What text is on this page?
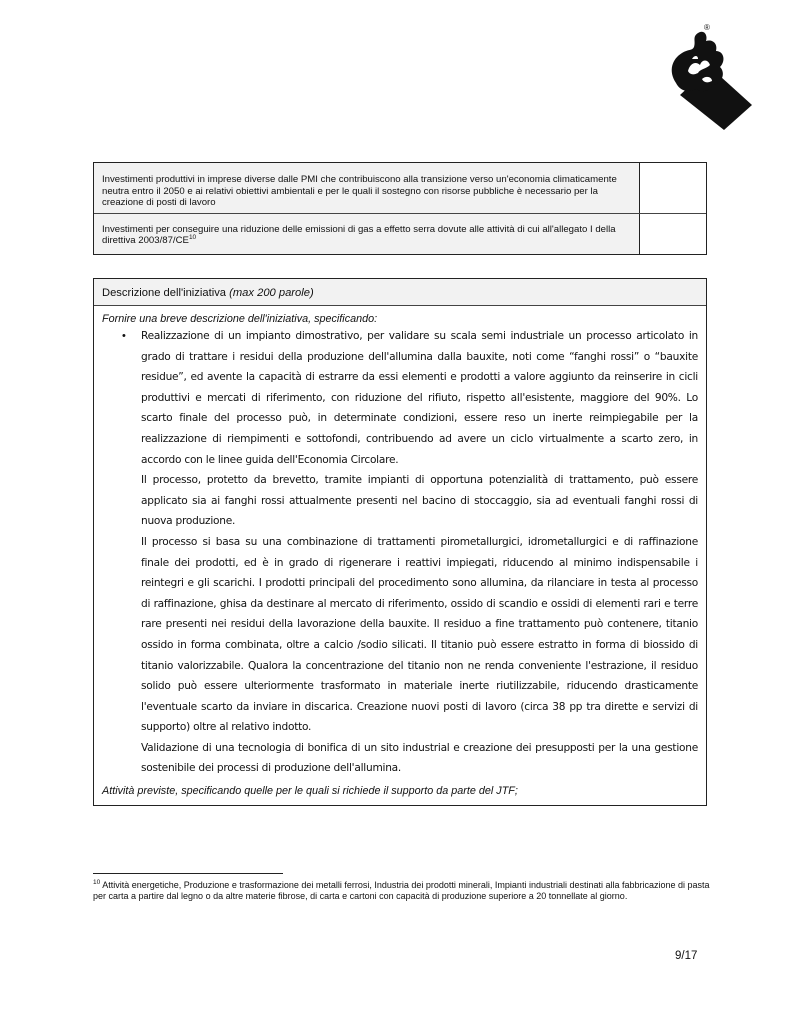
®
Investimenti produttivi in imprese diverse dalle PMI che contribuiscono alla transizione verso un'economia climaticamente neutra entro il 2050 e ai relativi obiettivi ambientali e per le quali il sostegno con risorse pubbliche è necessario per la creazione di posti di lavoro
Investimenti per conseguire una riduzione delle emissioni di gas a effetto serra dovute alle attività di cui all'allegato I della direttiva 2003/87/CE$^{10}$
Descrizione dell'iniziativa (max 200 parole)

Fornire una breve descrizione dell'iniziativa, specificando:

•	Realizzazione di un impianto dimostrativo, per validare su scala semi industriale un processo articolato in grado di trattare i residui della produzione dell'allumina dalla bauxite, noti come “fanghi rossi” o “bauxite residue”, ed avente la capacità di estrarre da essi elementi e prodotti a valore aggiunto da reinserire in cicli produttivi e mercati di riferimento, con riduzione del rifiuto, rispetto all'esistente, maggiore del 90%. Lo scarto finale del processo può, in determinate condizioni, essere reso un inerte reimpiegabile per la realizzazione di riempimenti e sottofondi, contribuendo ad avere un ciclo virtualmente a scarto zero, in accordo con le linee guida dell'Economia Circolare.

Il processo, protetto da brevetto, tramite impianti di opportuna potenzialità di trattamento, può essere applicato sia ai fanghi rossi attualmente presenti nel bacino di stoccaggio, sia ad eventuali fanghi rossi di nuova produzione.

Il processo si basa su una combinazione di trattamenti pirometallurgici, idrometallurgici e di raffinazione finale dei prodotti, ed è in grado di rigenerare i reattivi impiegati, riducendo al minimo indispensabile i reintegri e gli scarichi. I prodotti principali del procedimento sono allumina, da rilanciare in testa al processo di raffinazione, ghisa da destinare al mercato di riferimento, ossido di scandio e ossidi di elementi rari e terre rare presenti nei residui della lavorazione della bauxite. Il residuo a fine trattamento può contenere, titanio ossido in forma combinata, oltre a calcio /sodio silicati. Il titanio può essere estratto in forma di biossido di titanio valorizzabile. Qualora la concentrazione del titanio non ne renda conveniente l'estrazione, il residuo solido può essere ulteriormente trasformato in materiale inerte riutilizzabile, riducendo drasticamente l'eventuale scarto da inviare in discarica. Creazione nuovi posti di lavoro (circa 38 pp tra dirette e servizi di supporto) oltre al relativo indotto.

Validazione di una tecnologia di bonifica di un sito industrial e creazione dei presupposti per la una gestione sostenibile dei processi di produzione dell'allumina.

Attività previste, specificando quelle per le quali si richiede il supporto da parte del JTF;

$^{10}$ Attività energetiche, Produzione e trasformazione dei metalli ferrosi, Industria dei prodotti minerali, Impianti industriali destinati alla fabbricazione di pasta per carta a partire dal legno o da altre materie fibrose, di carta e cartoni con capacità di produzione superiore a 20 tonnellate al giorno.
9/17
